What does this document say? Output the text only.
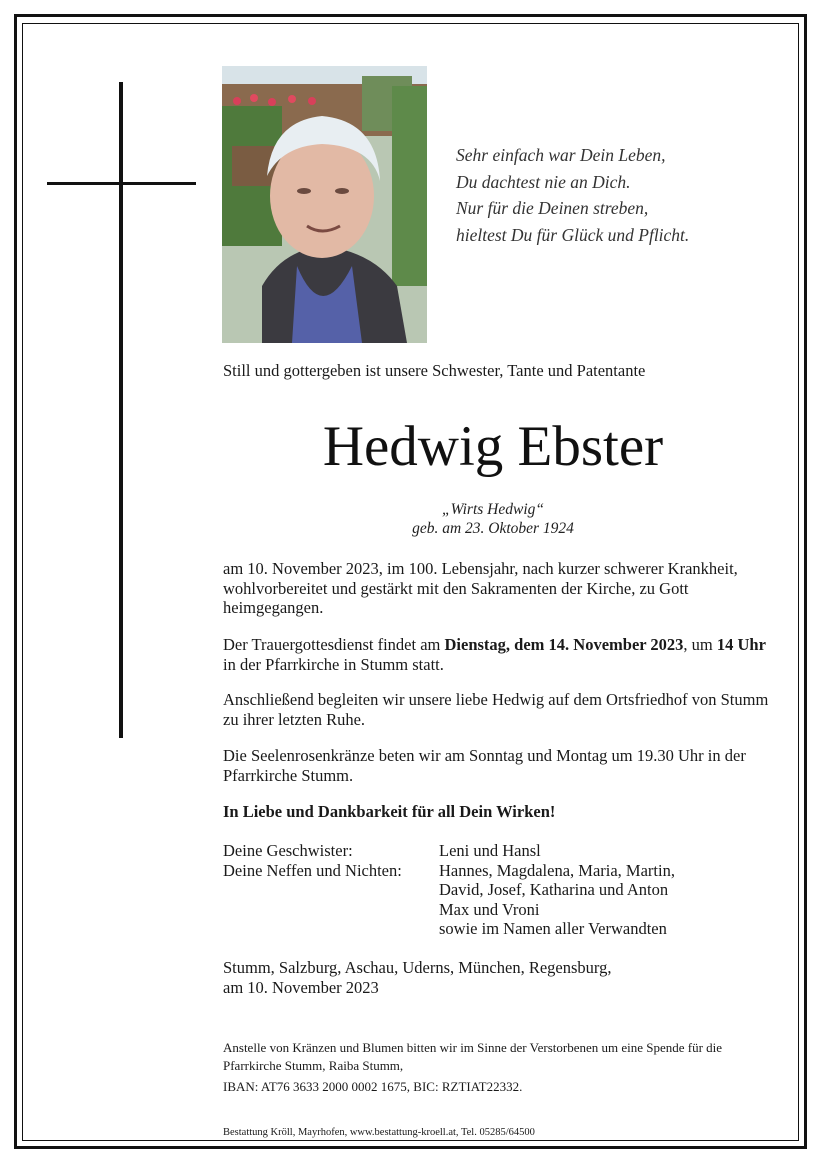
Sehr einfach war Dein Leben,
Du dachtest nie an Dich.
Nur für die Deinen streben,
hieltest Du für Glück und Pflicht.
Still und gottergeben ist unsere Schwester, Tante und Patentante
Hedwig Ebster
„Wirts Hedwig“
geb. am 23. Oktober 1924
am 10. November 2023, im 100. Lebensjahr, nach kurzer schwerer Krankheit, wohlvorbereitet und gestärkt mit den Sakramenten der Kirche, zu Gott heimgegangen.
Der Trauergottesdienst findet am Dienstag, dem 14. November 2023, um 14 Uhr in der Pfarrkirche in Stumm statt.
Anschließend begleiten wir unsere liebe Hedwig auf dem Ortsfriedhof von Stumm zu ihrer letzten Ruhe.
Die Seelenrosenkränze beten wir am Sonntag und Montag um 19.30 Uhr in der Pfarrkirche Stumm.
In Liebe und Dankbarkeit für all Dein Wirken!
Deine Geschwister:	Leni und Hansl
Deine Neffen und Nichten:	Hannes, Magdalena, Maria, Martin,
David, Josef, Katharina und Anton
Max und Vroni
sowie im Namen aller Verwandten
Stumm, Salzburg, Aschau, Uderns, München, Regensburg,
am 10. November 2023
Anstelle von Kränzen und Blumen bitten wir im Sinne der Verstorbenen um eine Spende für die Pfarrkirche Stumm, Raiba Stumm,
IBAN: AT76 3633 2000 0002 1675, BIC: RZTIAT22332.
Bestattung Kröll, Mayrhofen, www.bestattung-kroell.at, Tel. 05285/64500
